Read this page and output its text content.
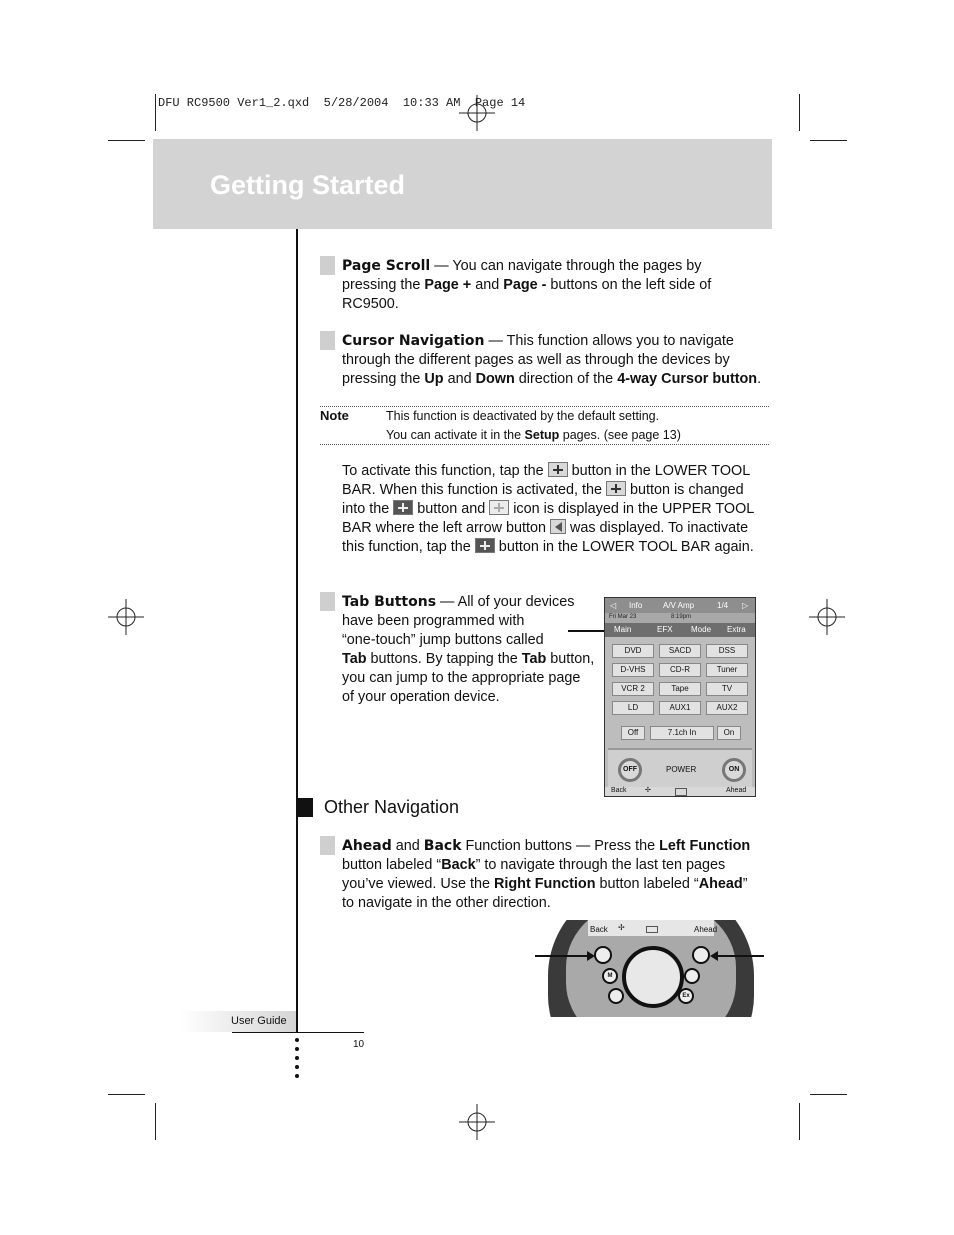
DFU RC9500 Ver1_2.qxd  5/28/2004  10:33 AM  Page 14
Getting Started
Page Scroll — You can navigate through the pages by
pressing the Page + and Page - buttons on the left side of
RC9500.
Cursor Navigation — This function allows you to navigate
through the different pages as well as through the devices by
pressing the Up and Down direction of the 4-way Cursor button.
Note	This function is deactivated by the default setting.
You can activate it in the Setup pages. (see page 13)
To activate this function, tap the  button in the LOWER TOOL
BAR. When this function is activated, the  button is changed
into the  button and  icon is displayed in the UPPER TOOL
BAR where the left arrow button  was displayed. To inactivate
this function, tap the  button in the LOWER TOOL BAR again.
Tab Buttons — All of your devices
have been programmed with
“one-touch” jump buttons called
Tab buttons. By tapping the Tab button,
you can jump to the appropriate page
of your operation device.
◁ Info	A/V Amp	1/4 ▷
Fri Mar 23	8:19pm
Main	EFX Mode Extra
DVD	SACD	DSS
D-VHS	CD-R	Tuner
VCR 2	Tape	TV
LD	AUX1	AUX2
Off	7.1ch In	On
OFF	POWER	ON
Back	✢	Ahead
Other Navigation
Ahead and Back Function buttons — Press the Left Function
button labeled “Back” to navigate through the last ten pages
you’ve viewed. Use the Right Function button labeled “Ahead”
to navigate in the other direction.
Back ✢	Ahead
M
Ex
User Guide
10
